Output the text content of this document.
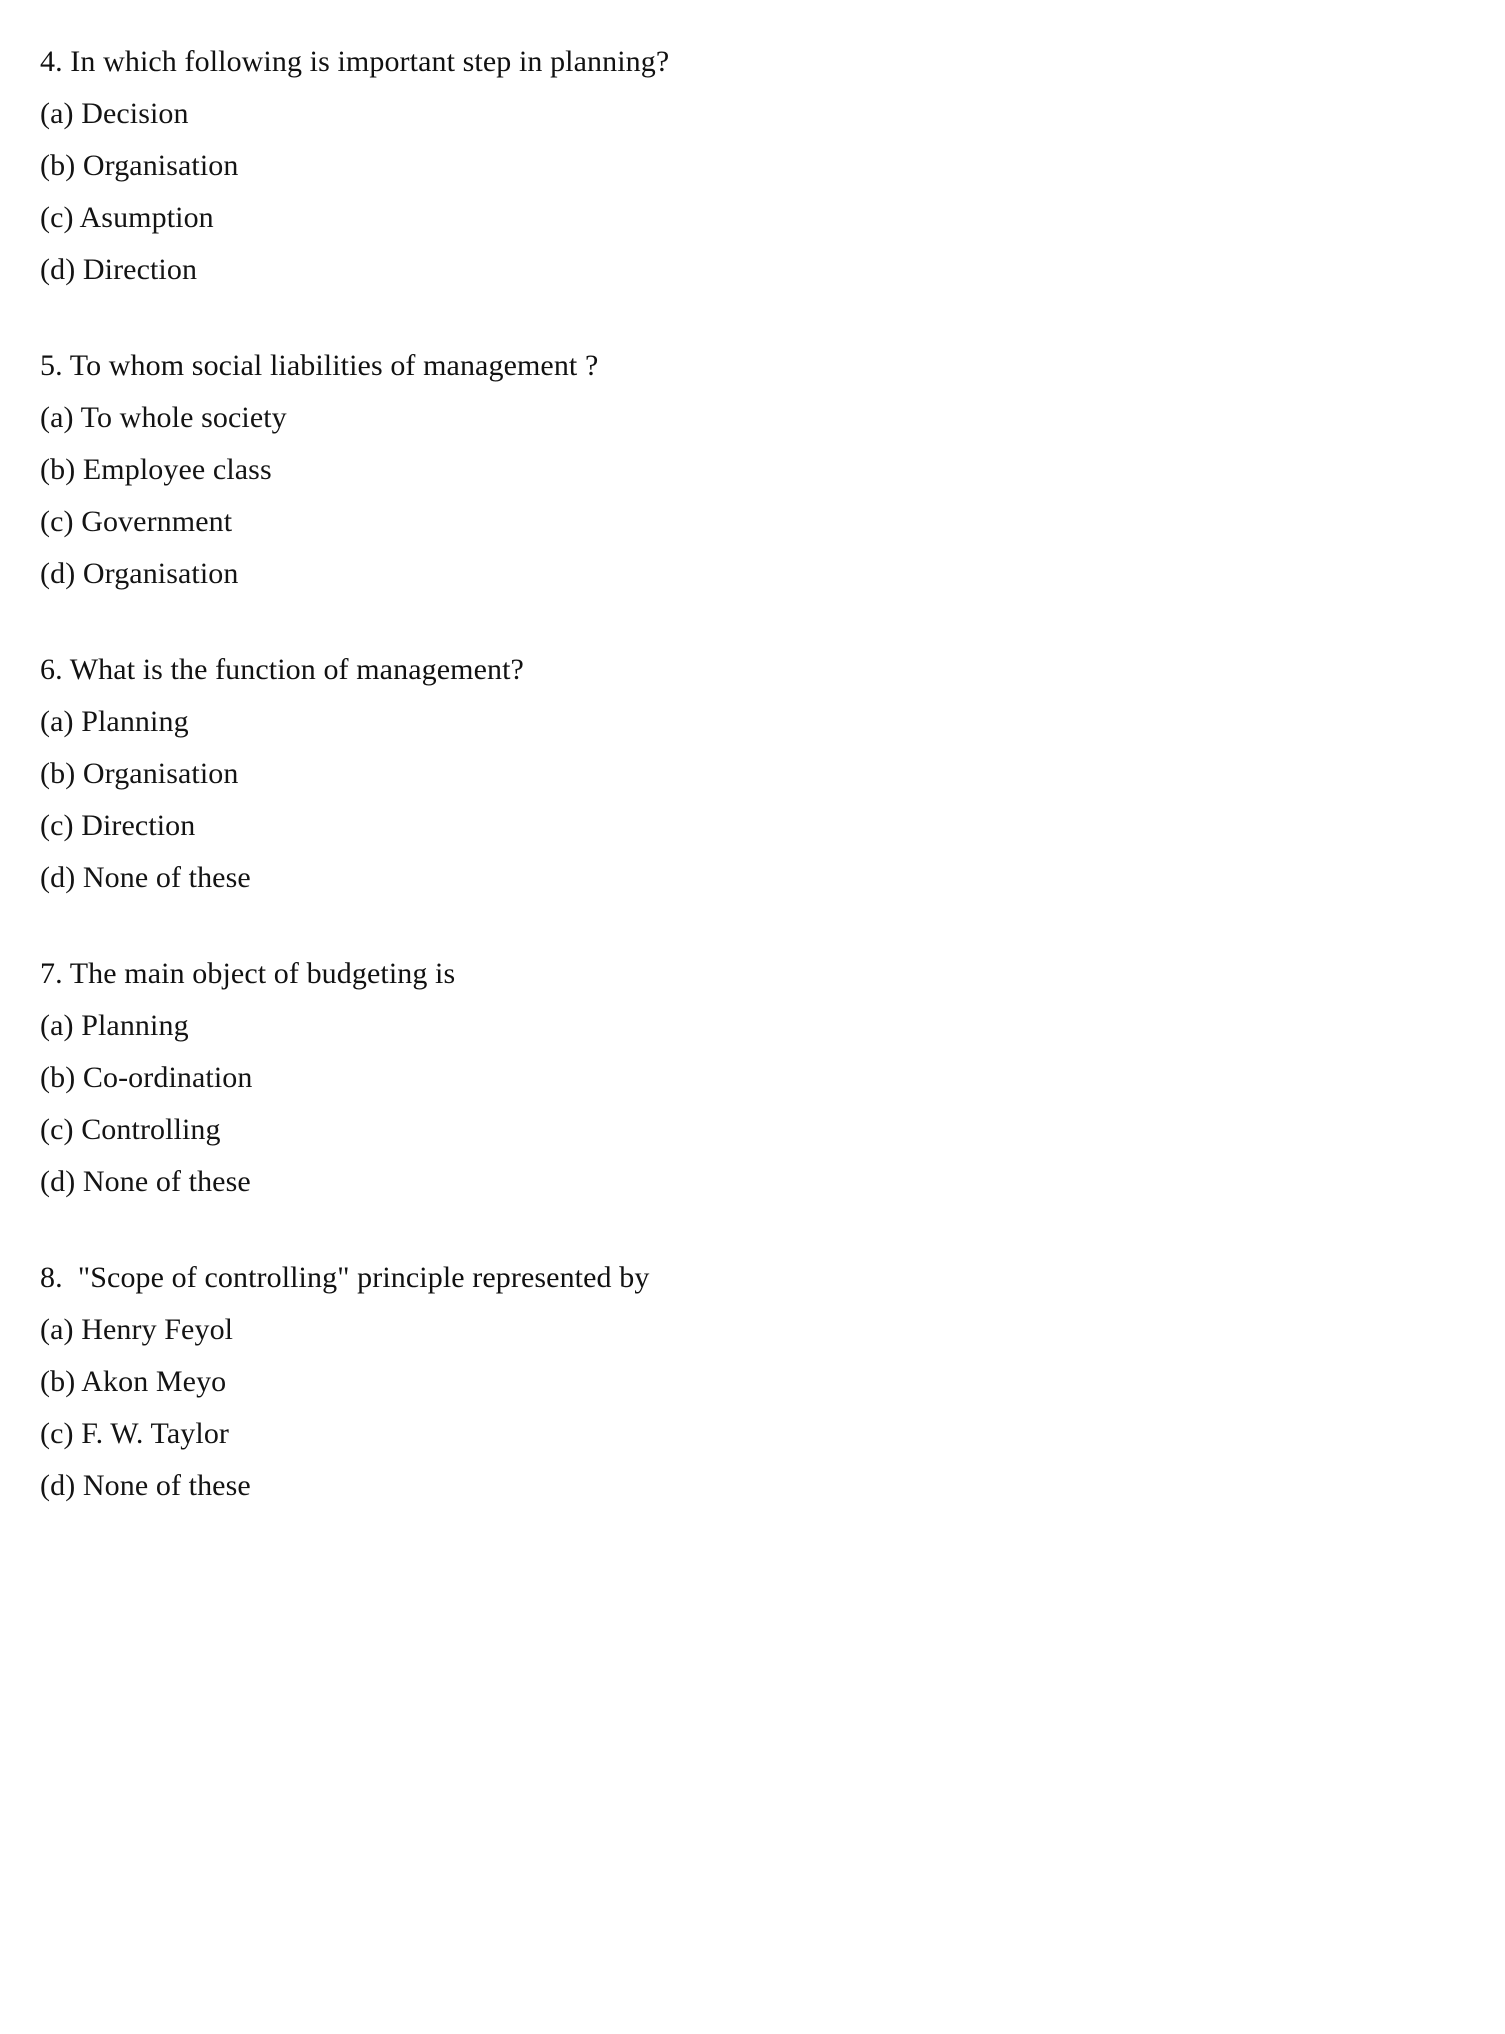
4. In which following is important step in planning?
(a) Decision
(b) Organisation
(c) Asumption
(d) Direction
5. To whom social liabilities of management ?
(a) To whole society
(b) Employee class
(c) Government
(d) Organisation
6. What is the function of management?
(a) Planning
(b) Organisation
(c) Direction
(d) None of these
7. The main object of budgeting is
(a) Planning
(b) Co-ordination
(c) Controlling
(d) None of these
8.  "Scope of controlling" principle represented by
(a) Henry Feyol
(b) Akon Meyo
(c) F. W. Taylor
(d) None of these
